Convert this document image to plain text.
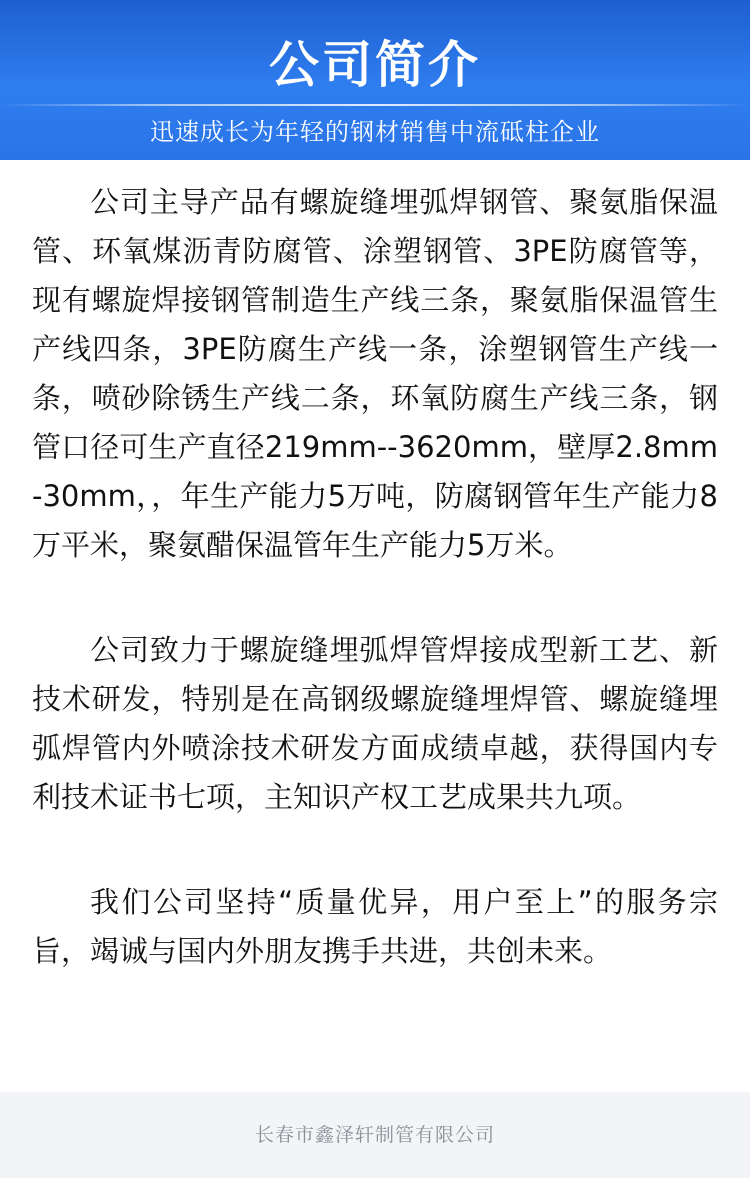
公司简介
迅速成长为年轻的钢材销售中流砥柱企业

公司主导产品有螺旋缝埋弧焊钢管、聚氨脂保温管、环氧煤沥青防腐管、涂塑钢管、3PE防腐管等，现有螺旋焊接钢管制造生产线三条，聚氨脂保温管生产线四条，3PE防腐生产线一条，涂塑钢管生产线一条，喷砂除锈生产线二条，环氧防腐生产线三条，钢管口径可生产直径219mm--3620mm，壁厚2.8mm-30mm，，年生产能力5万吨，防腐钢管年生产能力8万平米，聚氨醋保温管年生产能力5万米。

公司致力于螺旋缝埋弧焊管焊接成型新工艺、新技术研发，特别是在高钢级螺旋缝埋焊管、螺旋缝埋弧焊管内外喷涂技术研发方面成绩卓越，获得国内专利技术证书七项，主知识产权工艺成果共九项。

我们公司坚持“质量优异，用户至上”的服务宗旨，竭诚与国内外朋友携手共进，共创未来。

长春市鑫泽轩制管有限公司
